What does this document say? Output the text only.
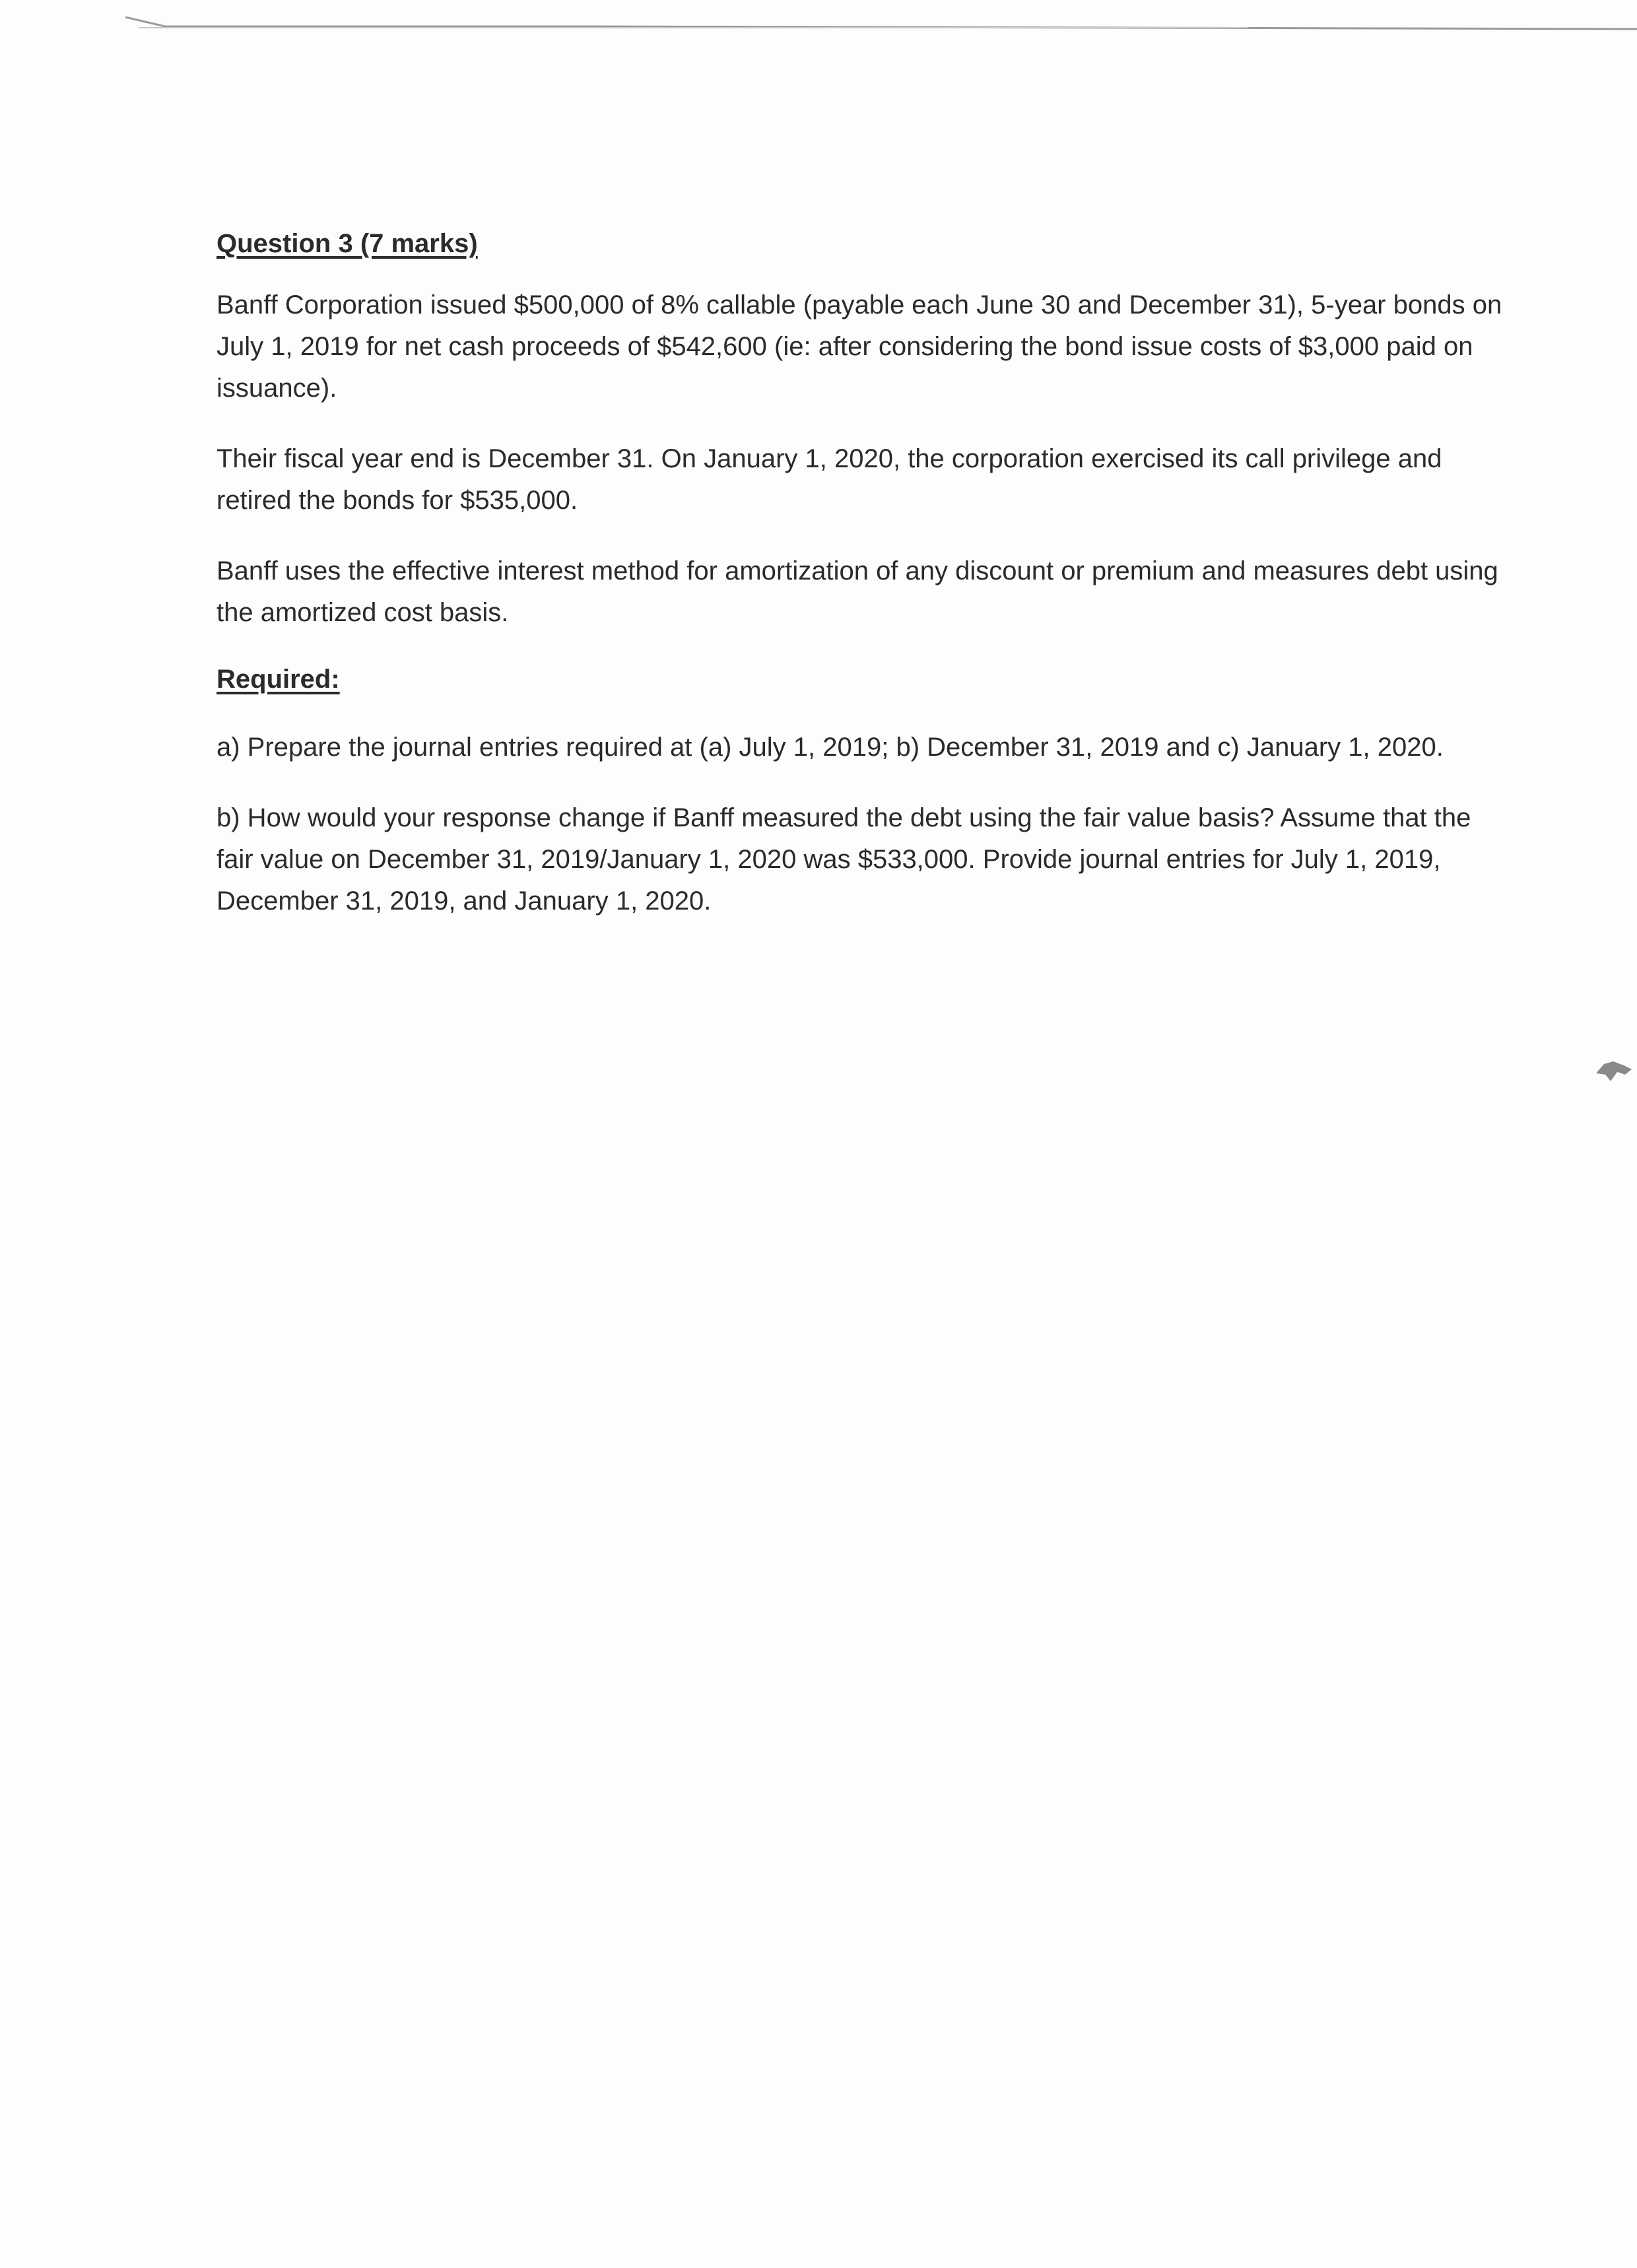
Question 3 (7 marks)

Banff Corporation issued $500,000 of 8% callable (payable each June 30 and December 31), 5-year bonds on July 1, 2019 for net cash proceeds of $542,600 (ie: after considering the bond issue costs of $3,000 paid on issuance).

Their fiscal year end is December 31. On January 1, 2020, the corporation exercised its call privilege and retired the bonds for $535,000.

Banff uses the effective interest method for amortization of any discount or premium and measures debt using the amortized cost basis.

Required:

a) Prepare the journal entries required at (a) July 1, 2019; b) December 31, 2019 and c) January 1, 2020.

b) How would your response change if Banff measured the debt using the fair value basis? Assume that the fair value on December 31, 2019/January 1, 2020 was $533,000. Provide journal entries for July 1, 2019, December 31, 2019, and January 1, 2020.
